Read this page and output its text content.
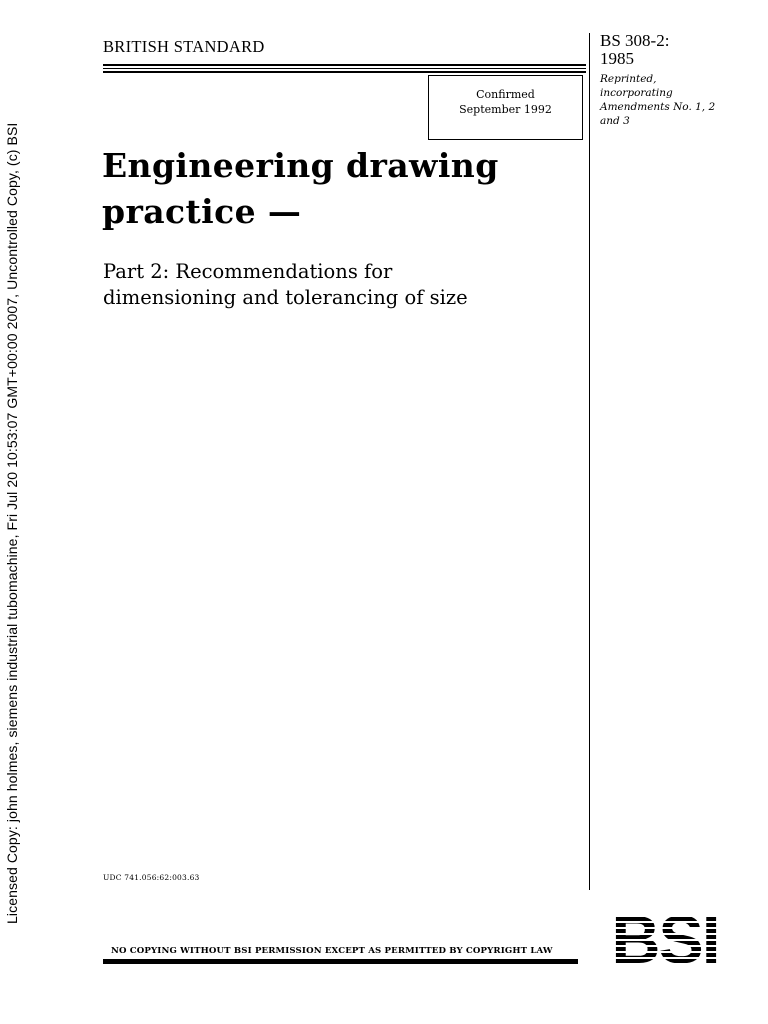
Licensed Copy: john holmes, siemens industrial tubomachine, Fri Jul 20 10:53:07 GMT+00:00 2007, Uncontrolled Copy, (c) BSI
BRITISH STANDARD
Confirmed
September 1992
BS 308-2:
1985
Reprinted,
incorporating
Amendments No. 1, 2
and 3
Engineering drawing
practice —
Part 2: Recommendations for
dimensioning and tolerancing of size
UDC 741.056:62:003.63
NO COPYING WITHOUT BSI PERMISSION EXCEPT AS PERMITTED BY COPYRIGHT LAW
